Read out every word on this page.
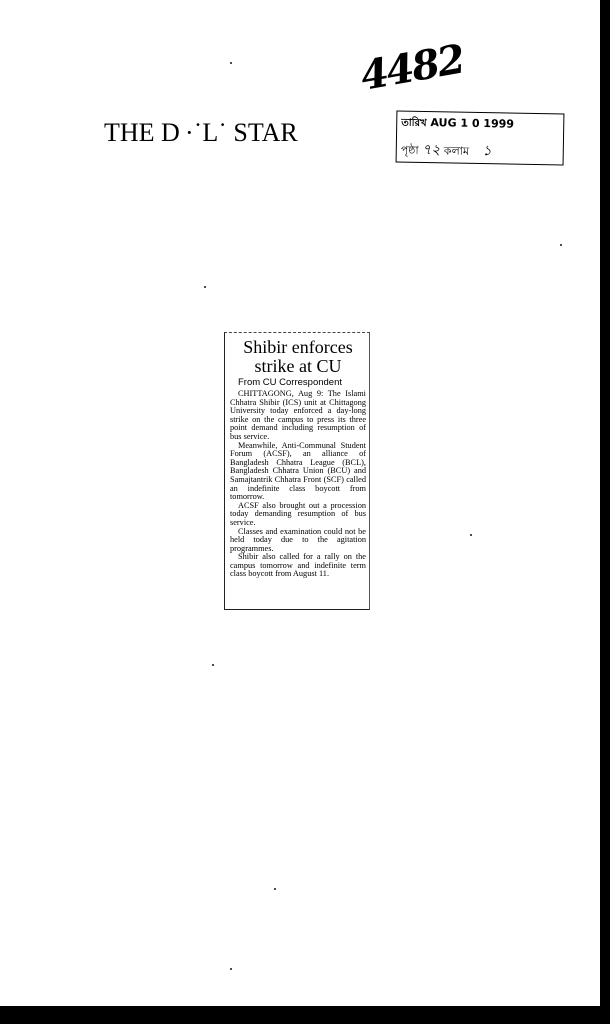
4482
THE D ·˙L˙ STAR	তারিখ AUG 1 0 1999
পৃষ্ঠা ৭২ কলাম ১
Shibir enforces
strike at CU
From CU Correspondent

CHITTAGONG, Aug 9: The Islami Chhatra Shibir (ICS) unit at Chittagong University today enforced a day-long strike on the campus to press its three point demand including resumption of bus service.

Meanwhile, Anti-Communal Student Forum (ACSF), an alliance of Bangladesh Chhatra League (BCL), Bangladesh Chhatra Union (BCU) and Samajtantrik Chhatra Front (SCF) called an indefinite class boycott from tomorrow.

ACSF also brought out a procession today demanding resumption of bus service.

Classes and examination could not be held today due to the agitation programmes.

Shibir also called for a rally on the campus tomorrow and indefinite term class boycott from August 11.
